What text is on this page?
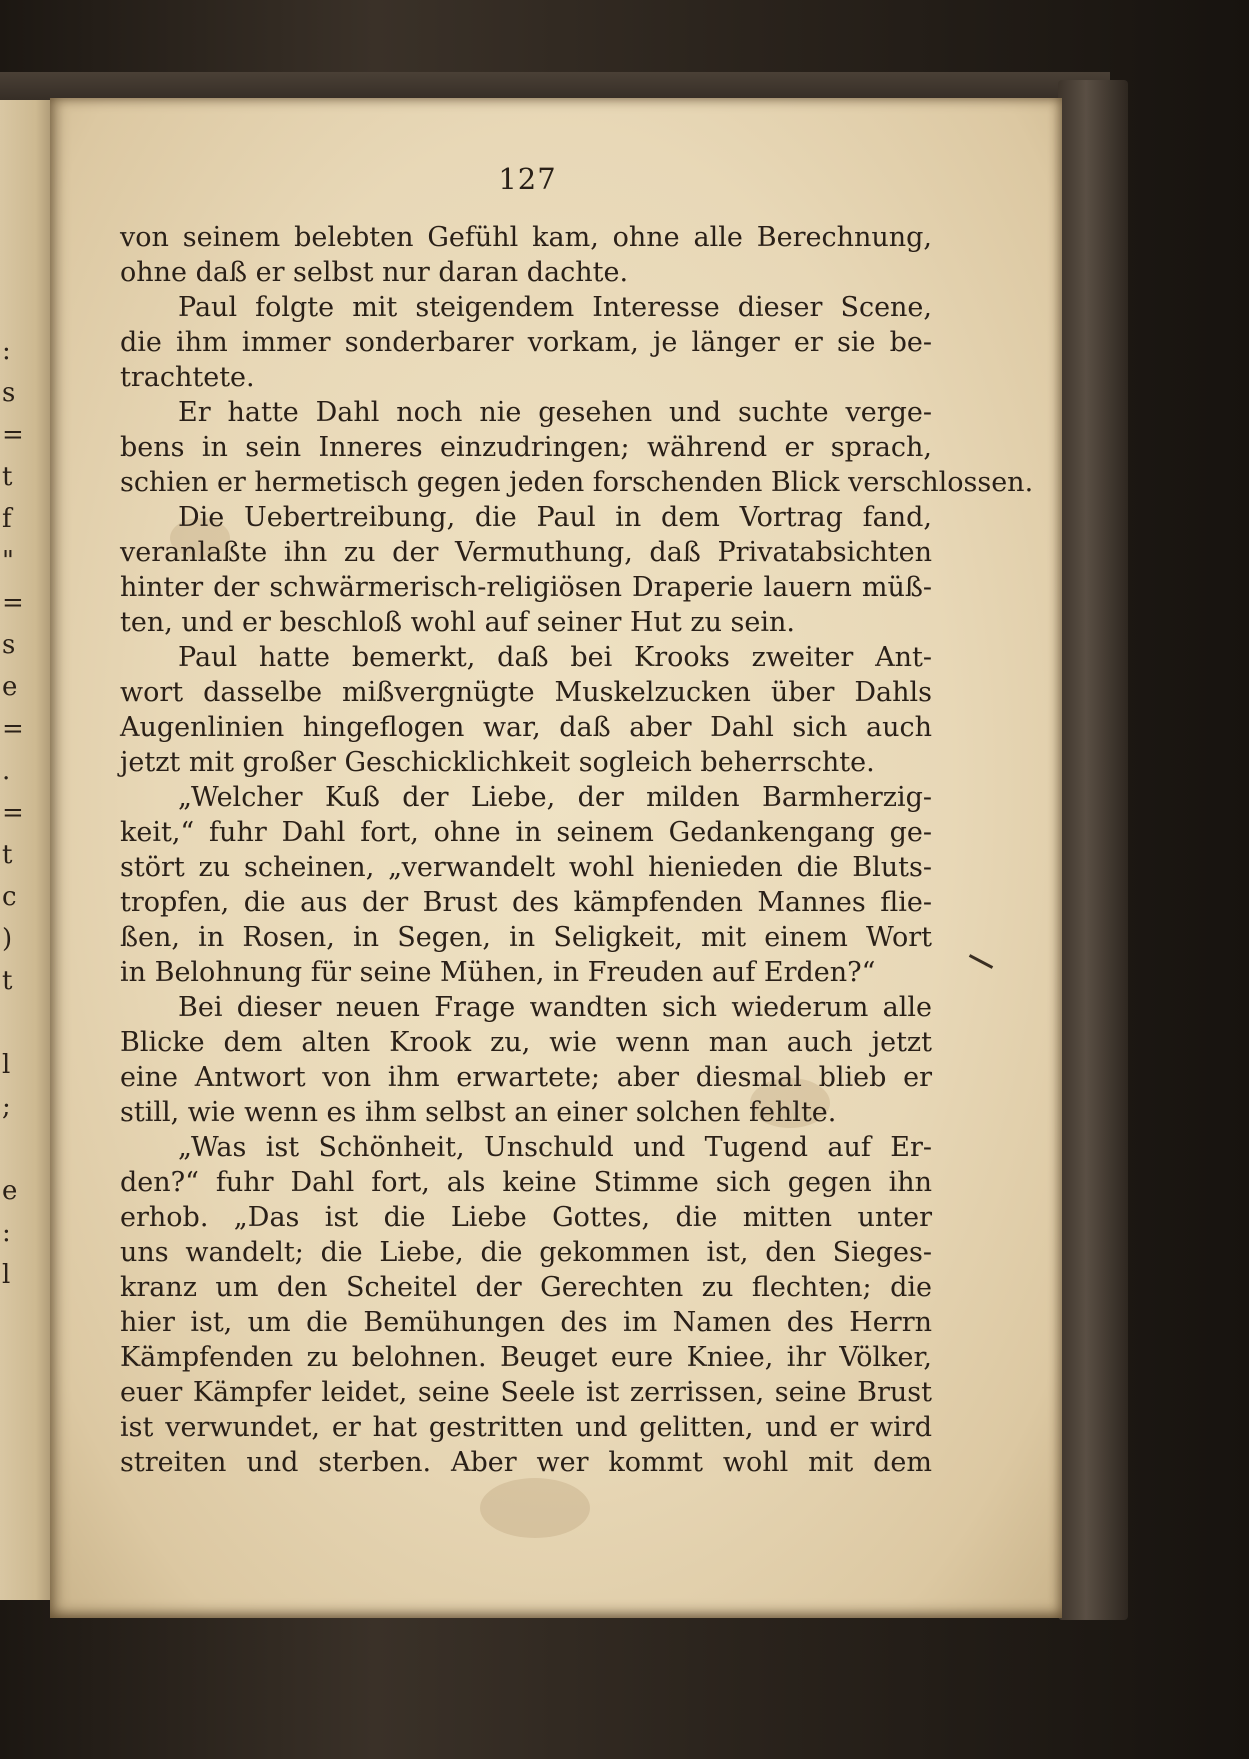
:
s
=
t
f
"
=
s
e
=
.
=
t
c
)
t
l
;
e
:
l
127
von seinem belebten Gefühl kam, ohne alle Berechnung,
ohne daß er selbst nur daran dachte.
Paul folgte mit steigendem Interesse dieser Scene,
die ihm immer sonderbarer vorkam, je länger er sie be-
trachtete.
Er hatte Dahl noch nie gesehen und suchte verge-
bens in sein Inneres einzudringen; während er sprach,
schien er hermetisch gegen jeden forschenden Blick verschlossen.
Die Uebertreibung, die Paul in dem Vortrag fand,
veranlaßte ihn zu der Vermuthung, daß Privatabsichten
hinter der schwärmerisch-religiösen Draperie lauern müß-
ten, und er beschloß wohl auf seiner Hut zu sein.
Paul hatte bemerkt, daß bei Krooks zweiter Ant-
wort dasselbe mißvergnügte Muskelzucken über Dahls
Augenlinien hingeflogen war, daß aber Dahl sich auch
jetzt mit großer Geschicklichkeit sogleich beherrschte.
„Welcher Kuß der Liebe, der milden Barmherzig-
keit,“ fuhr Dahl fort, ohne in seinem Gedankengang ge-
stört zu scheinen, „verwandelt wohl hienieden die Bluts-
tropfen, die aus der Brust des kämpfenden Mannes flie-
ßen, in Rosen, in Segen, in Seligkeit, mit einem Wort
in Belohnung für seine Mühen, in Freuden auf Erden?“
Bei dieser neuen Frage wandten sich wiederum alle
Blicke dem alten Krook zu, wie wenn man auch jetzt
eine Antwort von ihm erwartete; aber diesmal blieb er
still, wie wenn es ihm selbst an einer solchen fehlte.
„Was ist Schönheit, Unschuld und Tugend auf Er-
den?“ fuhr Dahl fort, als keine Stimme sich gegen ihn
erhob. „Das ist die Liebe Gottes, die mitten unter
uns wandelt; die Liebe, die gekommen ist, den Sieges-
kranz um den Scheitel der Gerechten zu flechten; die
hier ist, um die Bemühungen des im Namen des Herrn
Kämpfenden zu belohnen. Beuget eure Kniee, ihr Völker,
euer Kämpfer leidet, seine Seele ist zerrissen, seine Brust
ist verwundet, er hat gestritten und gelitten, und er wird
streiten und sterben. Aber wer kommt wohl mit dem
